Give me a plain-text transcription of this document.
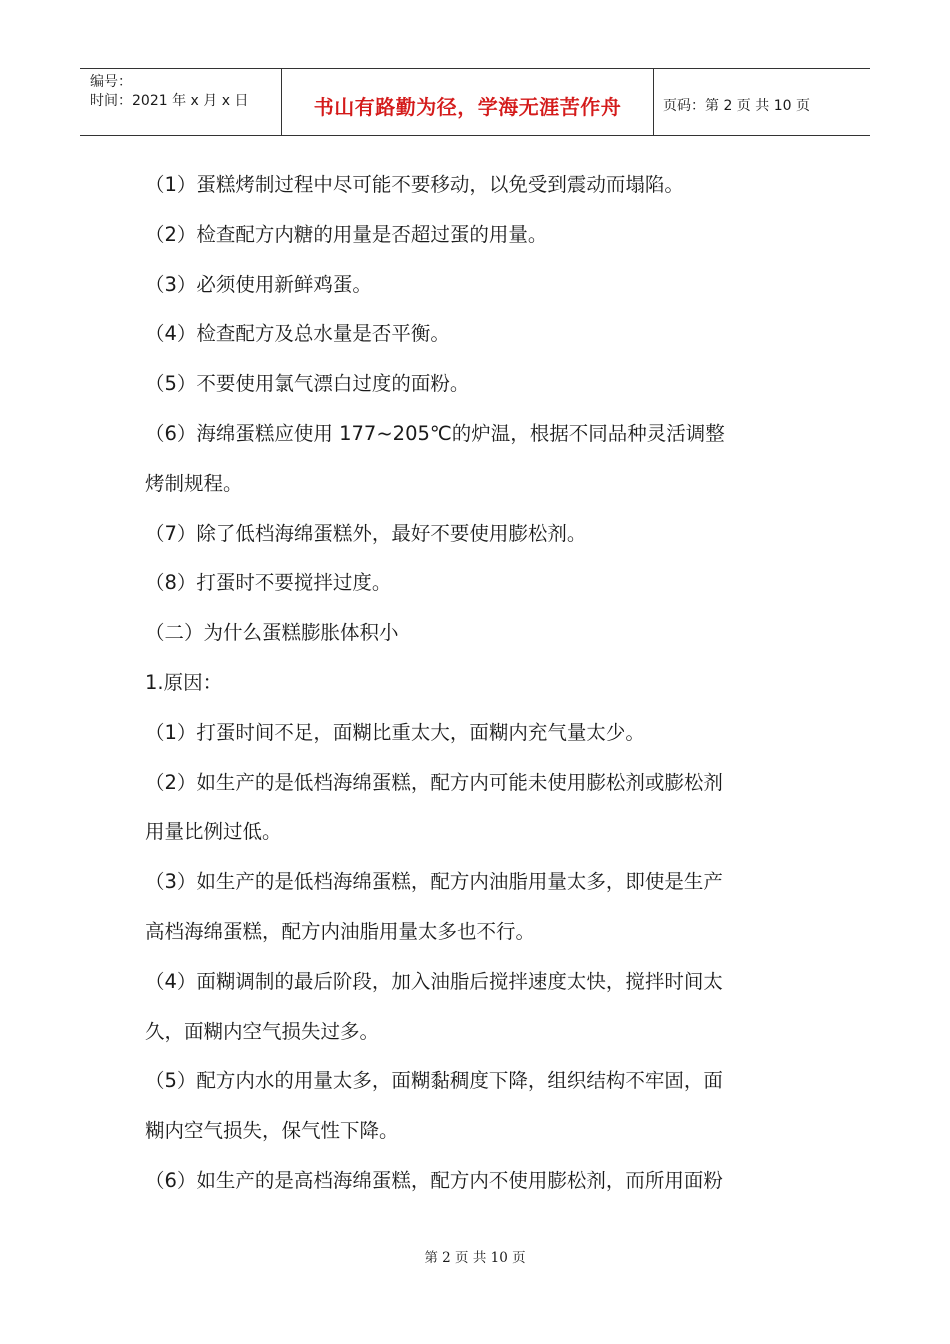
编号：
时间：2021 年 x 月 x 日	书山有路勤为径，学海无涯苦作舟	页码：第 2 页 共 10 页
（1）蛋糕烤制过程中尽可能不要移动，以免受到震动而塌陷。
（2）检查配方内糖的用量是否超过蛋的用量。
（3）必须使用新鲜鸡蛋。
（4）检查配方及总水量是否平衡。
（5）不要使用氯气漂白过度的面粉。
（6）海绵蛋糕应使用 177~205℃的炉温，根据不同品种灵活调整
烤制规程。
（7）除了低档海绵蛋糕外，最好不要使用膨松剂。
（8）打蛋时不要搅拌过度。
（二）为什么蛋糕膨胀体积小
1.原因：
（1）打蛋时间不足，面糊比重太大，面糊内充气量太少。
（2）如生产的是低档海绵蛋糕，配方内可能未使用膨松剂或膨松剂
用量比例过低。
（3）如生产的是低档海绵蛋糕，配方内油脂用量太多，即使是生产
高档海绵蛋糕，配方内油脂用量太多也不行。
（4）面糊调制的最后阶段，加入油脂后搅拌速度太快，搅拌时间太
久，面糊内空气损失过多。
（5）配方内水的用量太多，面糊黏稠度下降，组织结构不牢固，面
糊内空气损失，保气性下降。
（6）如生产的是高档海绵蛋糕，配方内不使用膨松剂，而所用面粉
第 2 页 共 10 页
